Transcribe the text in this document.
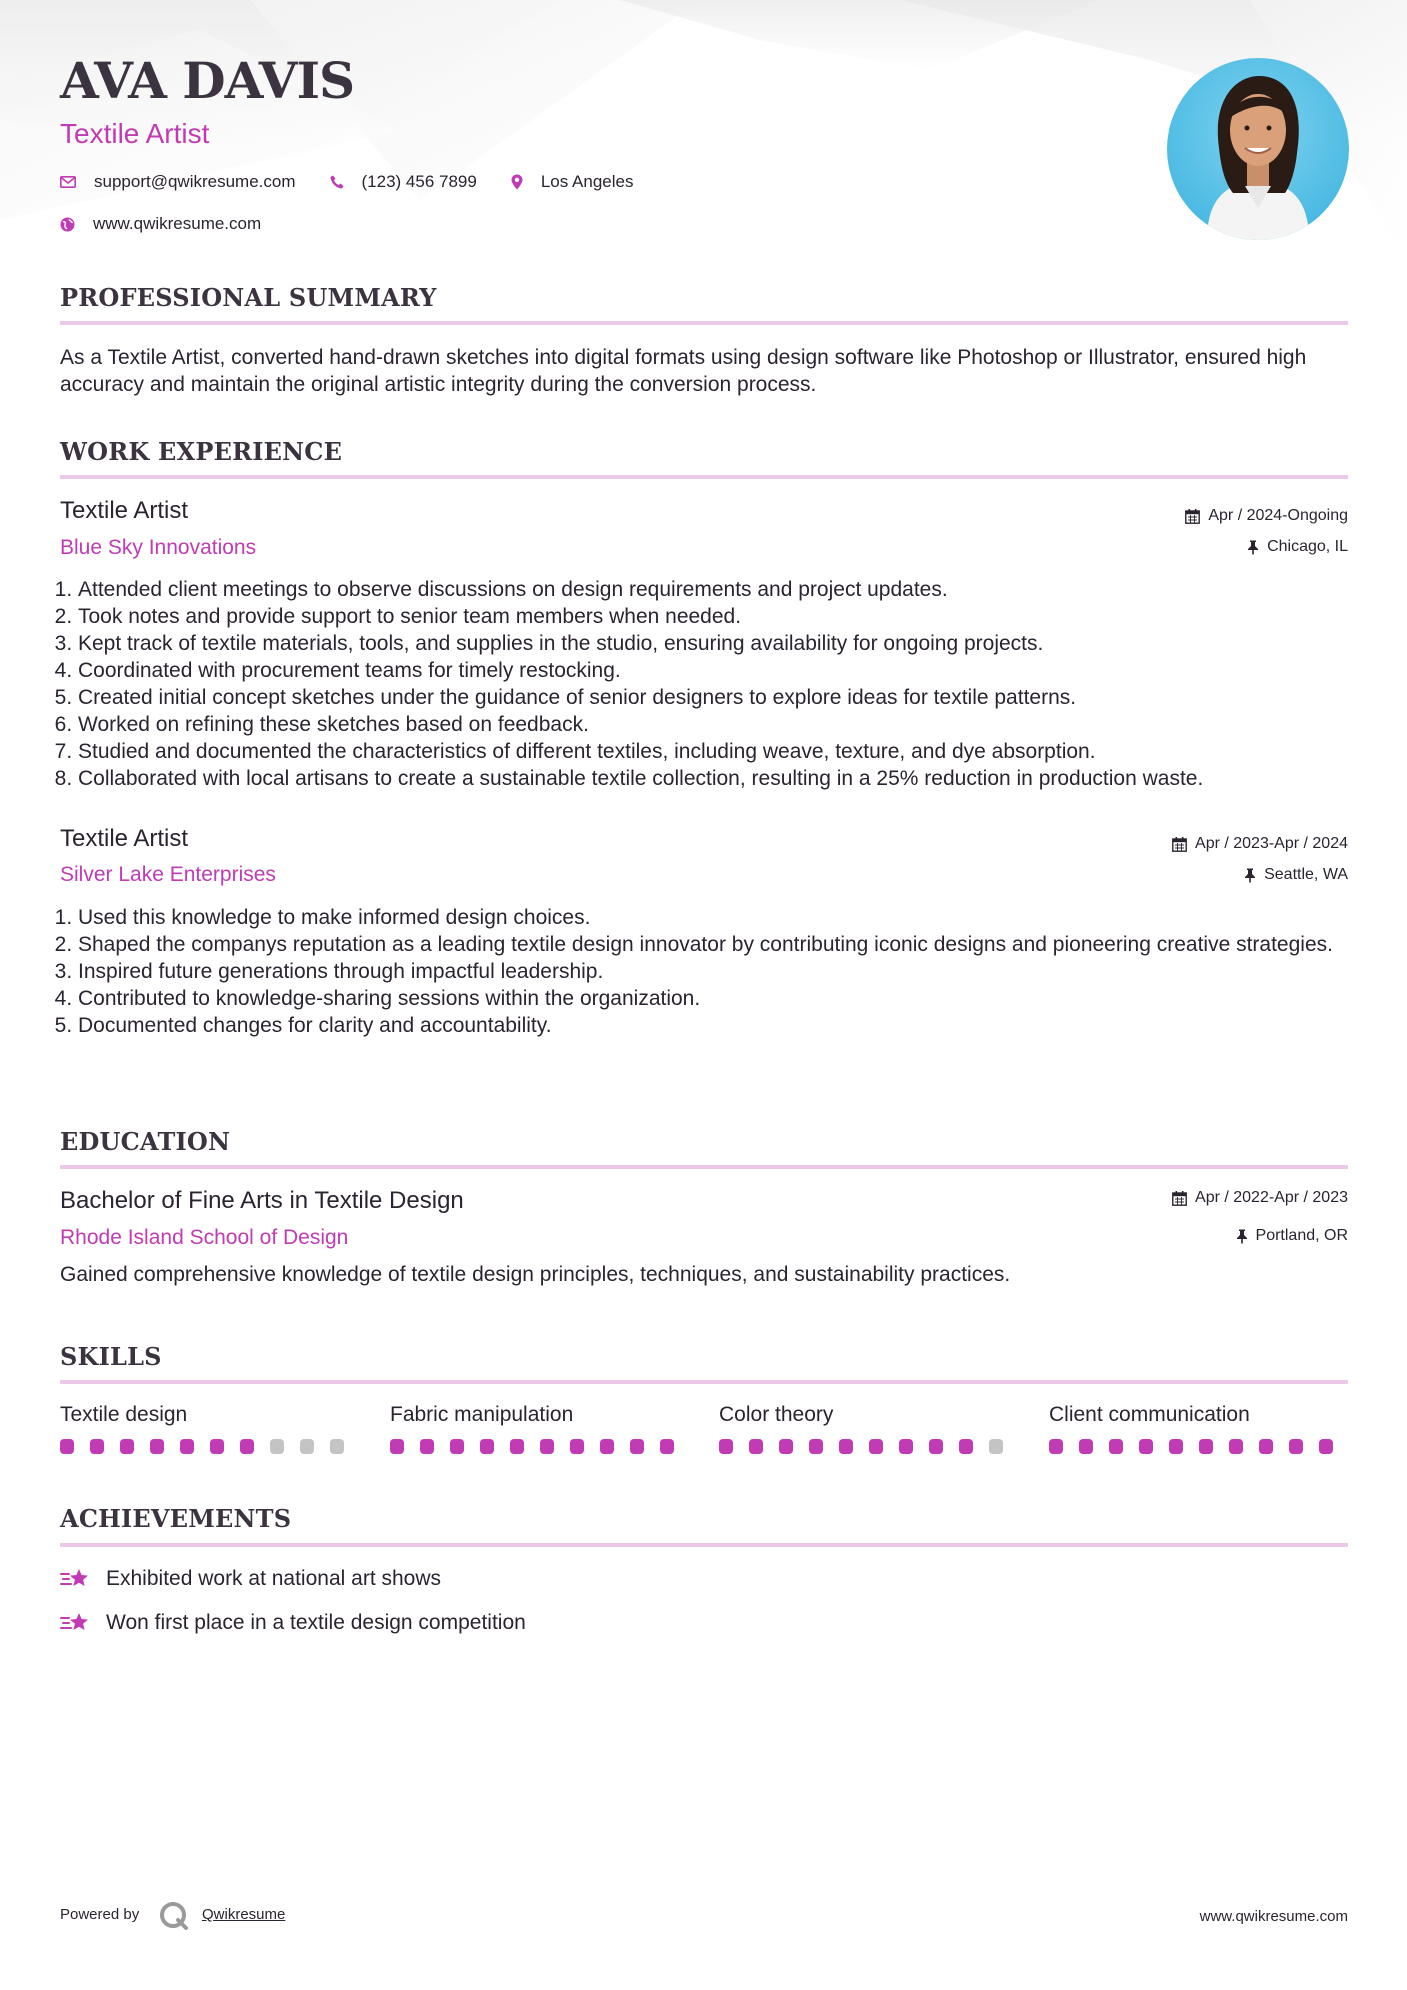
AVA DAVIS
Textile Artist
support@qwikresume.com	(123) 456 7899	Los Angeles
www.qwikresume.com
PROFESSIONAL SUMMARY
As a Textile Artist, converted hand-drawn sketches into digital formats using design software like Photoshop or Illustrator, ensured high accuracy and maintain the original artistic integrity during the conversion process.
WORK EXPERIENCE
Textile Artist
Blue Sky Innovations
Apr / 2024-Ongoing
Chicago, IL
1. Attended client meetings to observe discussions on design requirements and project updates.
2. Took notes and provide support to senior team members when needed.
3. Kept track of textile materials, tools, and supplies in the studio, ensuring availability for ongoing projects.
4. Coordinated with procurement teams for timely restocking.
5. Created initial concept sketches under the guidance of senior designers to explore ideas for textile patterns.
6. Worked on refining these sketches based on feedback.
7. Studied and documented the characteristics of different textiles, including weave, texture, and dye absorption.
8. Collaborated with local artisans to create a sustainable textile collection, resulting in a 25% reduction in production waste.
Textile Artist
Silver Lake Enterprises
Apr / 2023-Apr / 2024
Seattle, WA
1. Used this knowledge to make informed design choices.
2. Shaped the companys reputation as a leading textile design innovator by contributing iconic designs and pioneering creative strategies.
3. Inspired future generations through impactful leadership.
4. Contributed to knowledge-sharing sessions within the organization.
5. Documented changes for clarity and accountability.
EDUCATION
Bachelor of Fine Arts in Textile Design
Rhode Island School of Design
Apr / 2022-Apr / 2023
Portland, OR
Gained comprehensive knowledge of textile design principles, techniques, and sustainability practices.
SKILLS
Textile design	Fabric manipulation	Color theory	Client communication
ACHIEVEMENTS
Exhibited work at national art shows
Won first place in a textile design competition
Powered by	Qwikresume	www.qwikresume.com
